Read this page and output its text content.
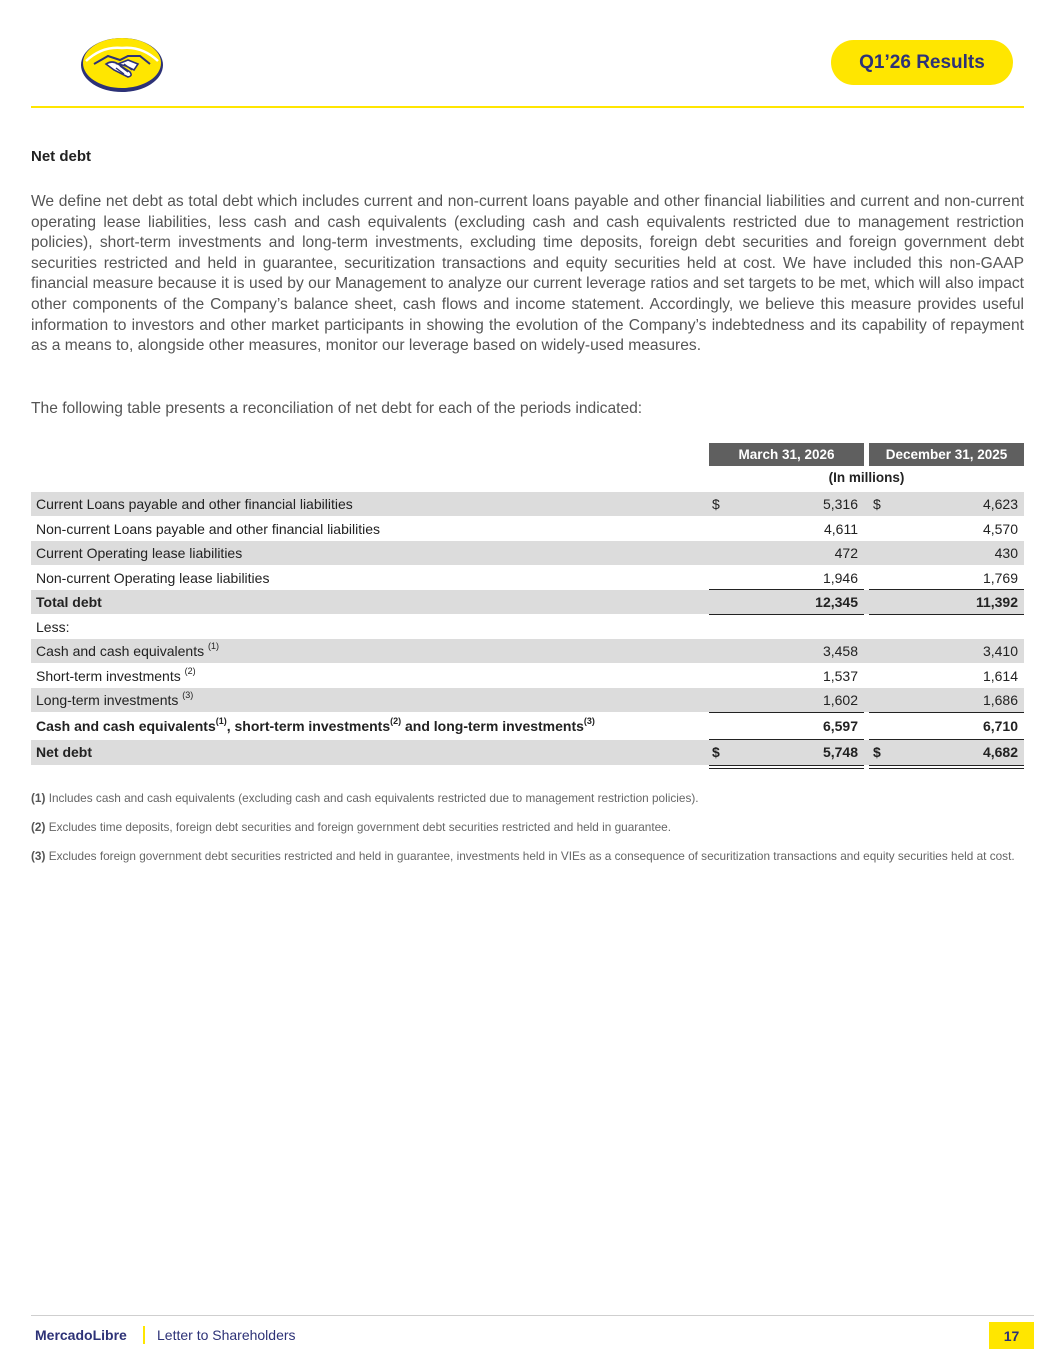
Q1’26 Results
Net debt

We define net debt as total debt which includes current and non-current loans payable and other financial liabilities and current and non-current operating lease liabilities, less cash and cash equivalents (excluding cash and cash equivalents restricted due to management restriction policies), short-term investments and long-term investments, excluding time deposits, foreign debt securities and foreign government debt securities restricted and held in guarantee, securitization transactions and equity securities held at cost. We have included this non-GAAP financial measure because it is used by our Management to analyze our current leverage ratios and set targets to be met, which will also impact other components of the Company’s balance sheet, cash flows and income statement. Accordingly, we believe this measure provides useful information to investors and other market participants in showing the evolution of the Company’s indebtedness and its capability of repayment as a means to, alongside other measures, monitor our leverage based on widely-used measures.

The following table presents a reconciliation of net debt for each of the periods indicated:

March 31, 2026	December 31, 2025
(In millions)
Current Loans payable and other financial liabilities	$	5,316 $	4,623
Non-current Loans payable and other financial liabilities	4,611	4,570
Current Operating lease liabilities	472	430
Non-current Operating lease liabilities	1,946	1,769
Total debt	12,345	11,392
Less:
Cash and cash equivalents $^{(1)}$	3,458	3,410
Short-term investments $^{(2)}$	1,537	1,614
Long-term investments $^{(3)}$	1,602	1,686
Cash and cash equivalents$^{(1)}$, short-term investments$^{(2)}$ and long-term investments$^{(3)}$	6,597	6,710
Net debt	$	5,748 $	4,682

(1) Includes cash and cash equivalents (excluding cash and cash equivalents restricted due to management restriction policies).

(2) Excludes time deposits, foreign debt securities and foreign government debt securities restricted and held in guarantee.

(3) Excludes foreign government debt securities restricted and held in guarantee, investments held in VIEs as a consequence of securitization transactions and equity securities held at cost.

MercadoLibre Letter to Shareholders	17
